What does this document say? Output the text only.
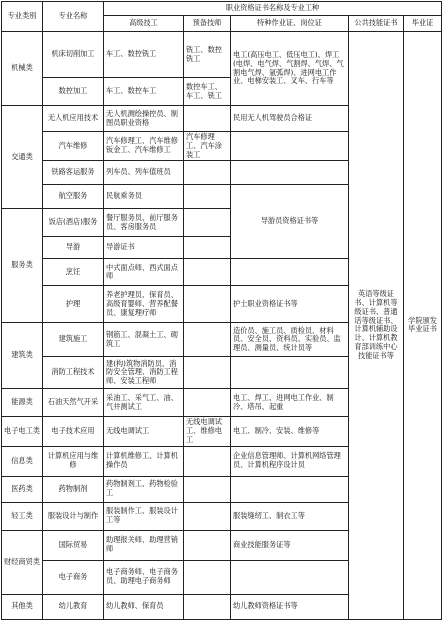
专业类别	专业名称	职业资格证书名称及专业工种				
		高级技工	预备技师	特种作业证、岗位证	公共技能证书	毕业证
机械类	机床切削加工	车工、数控铣工	铣工、数控铣工	电工(高压电工、低压电工)、焊工(电焊、电气焊、气割焊、气焊、气割电气焊、氩弧焊)、进网电工作业、电梯安装工、叉车、行车等	英语等级证书、计算机等级证书、普通话等级证书、计算机辅助设计、计算机教育部训练中心技能证书等	学院颁发毕业证书
	数控加工	车工、数控车工	数控车工、车工、铣工			
交通类	无人机应用技术	无人机测绘操控员、制图员职业资格		民用无人机驾驶员合格证		
	汽车维修	汽车修理工、汽车维修钣金工、汽车维修工	汽车修理工、汽车涂装工			
	铁路客运服务	列车员、列车值班员				
	航空服务	民航乘务员		导游员资格证书等		
服务类	饭店(酒店)服务	餐厅服务员、前厅服务员、客房服务员				
	导游	导游证书				
	烹饪	中式面点师、西式面点师				
	护理	养老护理员、保育员、高级育婴师、营养配餐员、康复理疗师		护士职业资格证书等		
建筑类	建筑施工	钢筋工、混凝土工、砌筑工		造价员、施工员、质检员、材料员、安全员、资料员、实验员、监理员、测量员、统计员等		
	消防工程技术	建(构)筑物消防员、消防安全管理、消防工程师、安装工程师				
能源类	石油天然气开采	采油工、采气工、油、气井测试工		电工、焊工、进网电工作业、制冷、塔吊、起重		
电子电工类	电子技术应用	无线电调试工	无线电调试工、维修电工	电工、制冷、安装、维修等		
信息类	计算机应用与维修	计算机维修工、计算机操作员		企业信息管理师、计算机网络管理员、计算机程序设计员		
医药类	药物制剂	药物制剂工、药物检验工				
轻工类	服装设计与制作	服装制作工、服装设计工等		服装缝纫工、制衣工等		
财经商贸类	国际贸易	助理报关师、助理营销师		商业技能服务证等		
	电子商务	电子商务师、电子商务员、助理电子商务师				
其他类	幼儿教育	幼儿教师、保育员		幼儿教师资格证书等		
